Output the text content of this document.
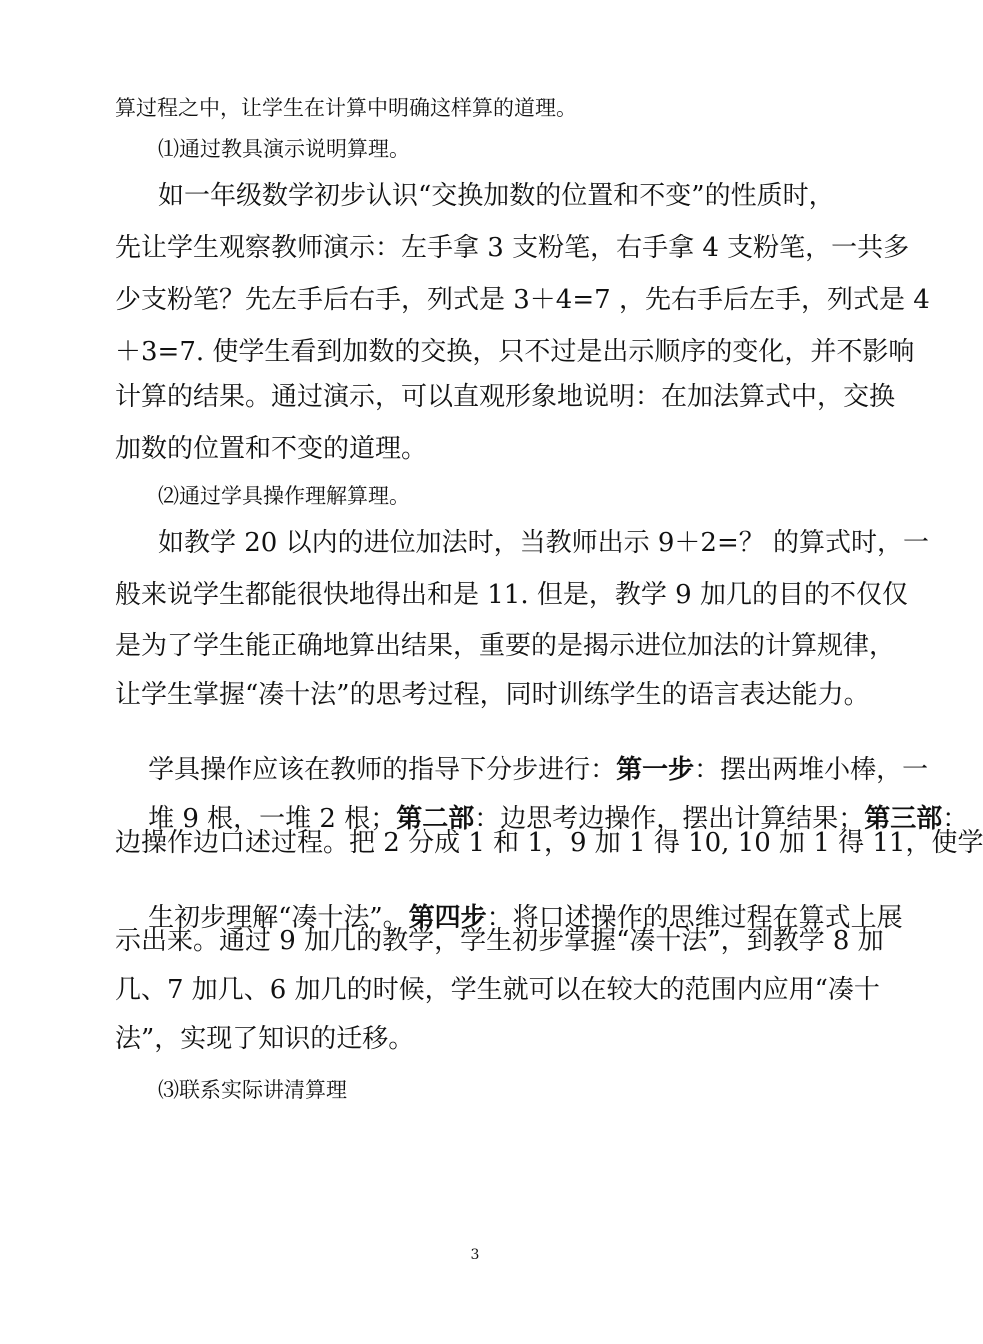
算过程之中，让学生在计算中明确这样算的道理。

⑴通过教具演示说明算理。

如一年级数学初步认识“交换加数的位置和不变”的性质时，

先让学生观察教师演示：左手拿 3 支粉笔，右手拿 4 支粉笔，一共多

少支粉笔？先左手后右手，列式是 3＋4=7 ，先右手后左手，列式是 4

＋3=7. 使学生看到加数的交换，只不过是出示顺序的变化，并不影响

计算的结果。通过演示，可以直观形象地说明：在加法算式中，交换

加数的位置和不变的道理。

⑵通过学具操作理解算理。

如教学 20 以内的进位加法时，当教师出示 9＋2=？ 的算式时，一

般来说学生都能很快地得出和是 11. 但是，教学 9 加几的目的不仅仅

是为了学生能正确地算出结果，重要的是揭示进位加法的计算规律，

让学生掌握“凑十法”的思考过程，同时训练学生的语言表达能力。

学具操作应该在教师的指导下分步进行：第一步：摆出两堆小棒，一

堆 9 根，一堆 2 根；第二部：边思考边操作，摆出计算结果；第三部：

边操作边口述过程。把 2 分成 1 和 1，9 加 1 得 10, 10 加 1 得 11，使学

生初步理解“凑十法”。第四步：将口述操作的思维过程在算式上展

示出来。通过 9 加几的教学，学生初步掌握“凑十法”，到教学 8 加

几、7 加几、6 加几的时候，学生就可以在较大的范围内应用“凑十

法”，实现了知识的迁移。

⑶联系实际讲清算理

3
